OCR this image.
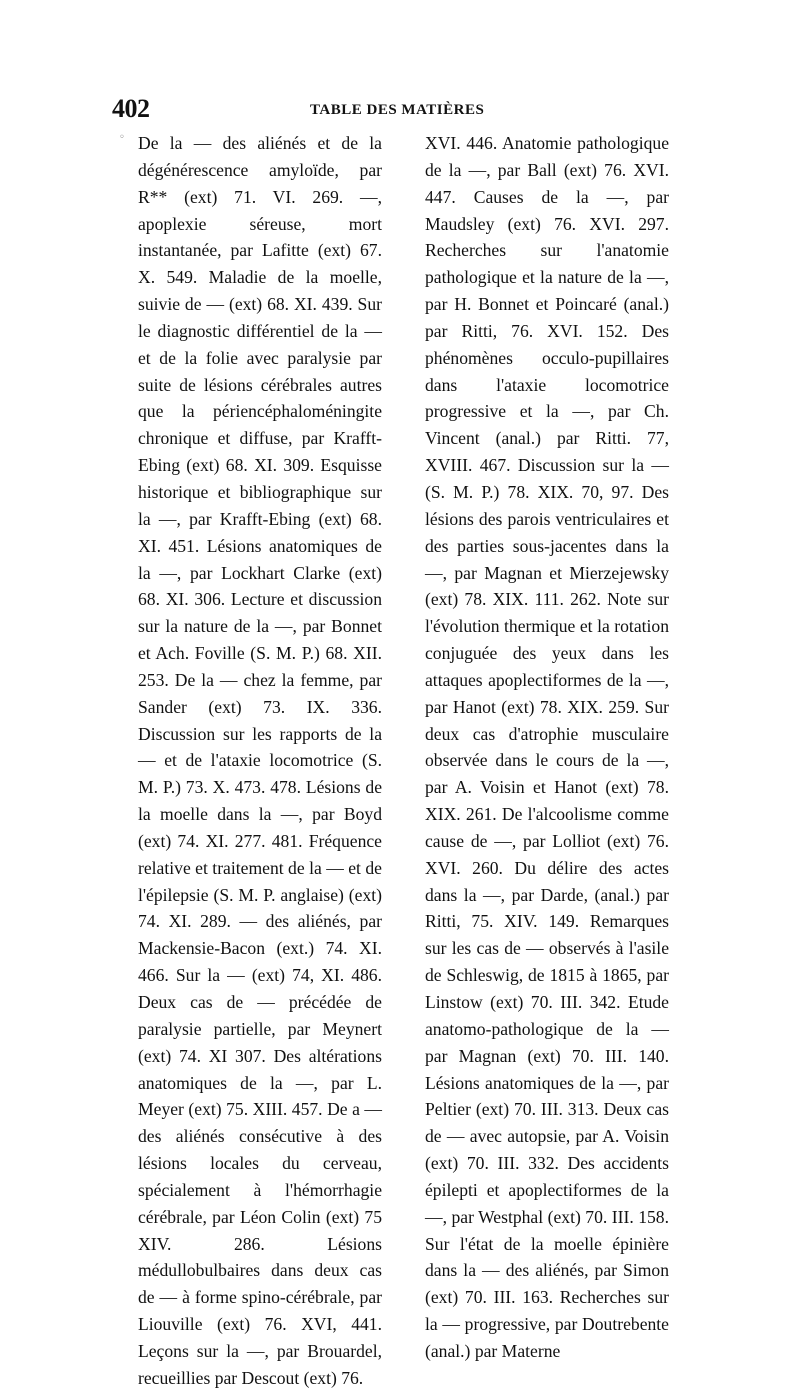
402	TABLE DES MATIÈRES
◦ De la — des aliénés et de la dégénérescence amyloïde, par R** (ext) 71. VI. 269. —, apoplexie séreuse, mort instantanée, par Lafitte (ext) 67. X. 549. Maladie de la moelle, suivie de — (ext) 68. XI. 439. Sur le diagnostic différentiel de la — et de la folie avec paralysie par suite de lésions cérébrales autres que la périencéphaloméningite chronique et diffuse, par Krafft-Ebing (ext) 68. XI. 309. Esquisse historique et bibliographique sur la —, par Krafft-Ebing (ext) 68. XI. 451. Lésions anatomiques de la —, par Lockhart Clarke (ext) 68. XI. 306. Lecture et discussion sur la nature de la —, par Bonnet et Ach. Foville (S. M. P.) 68. XII. 253. De la — chez la femme, par Sander (ext) 73. IX. 336. Discussion sur les rapports de la — et de l'ataxie locomotrice (S. M. P.) 73. X. 473. 478. Lésions de la moelle dans la —, par Boyd (ext) 74. XI. 277. 481. Fréquence relative et traitement de la — et de l'épilepsie (S. M. P. anglaise) (ext) 74. XI. 289. — des aliénés, par Mackensie-Bacon (ext.) 74. XI. 466. Sur la — (ext) 74, XI. 486. Deux cas de — précédée de paralysie partielle, par Meynert (ext) 74. XI 307. Des altérations anatomiques de la —, par L. Meyer (ext) 75. XIII. 457. De a — des aliénés consécutive à des lésions locales du cerveau, spécialement à l'hémorrhagie cérébrale, par Léon Colin (ext) 75 XIV. 286. Lésions médullobulbaires dans deux cas de — à forme spino-cérébrale, par Liouville (ext) 76. XVI, 441. Leçons sur la —, par Brouardel, recueillies par Descout (ext) 76.
XVI. 446. Anatomie pathologique de la —, par Ball (ext) 76. XVI. 447. Causes de la —, par Maudsley (ext) 76. XVI. 297. Recherches sur l'anatomie pathologique et la nature de la —, par H. Bonnet et Poincaré (anal.) par Ritti, 76. XVI. 152. Des phénomènes occulo-pupillaires dans l'ataxie locomotrice progressive et la —, par Ch. Vincent (anal.) par Ritti. 77, XVIII. 467. Discussion sur la — (S. M. P.) 78. XIX. 70, 97. Des lésions des parois ventriculaires et des parties sous-jacentes dans la —, par Magnan et Mierzejewsky (ext) 78. XIX. 111. 262. Note sur l'évolution thermique et la rotation conjuguée des yeux dans les attaques apoplectiformes de la —, par Hanot (ext) 78. XIX. 259. Sur deux cas d'atrophie musculaire observée dans le cours de la —, par A. Voisin et Hanot (ext) 78. XIX. 261. De l'alcoolisme comme cause de —, par Lolliot (ext) 76. XVI. 260. Du délire des actes dans la —, par Darde, (anal.) par Ritti, 75. XIV. 149. Remarques sur les cas de — observés à l'asile de Schleswig, de 1815 à 1865, par Linstow (ext) 70. III. 342. Etude anatomo-pathologique de la — par Magnan (ext) 70. III. 140. Lésions anatomiques de la —, par Peltier (ext) 70. III. 313. Deux cas de — avec autopsie, par A. Voisin (ext) 70. III. 332. Des accidents épilepti et apoplectiformes de la —, par Westphal (ext) 70. III. 158. Sur l'état de la moelle épinière dans la — des aliénés, par Simon (ext) 70. III. 163. Recherches sur la — progressive, par Doutrebente (anal.) par Materne
